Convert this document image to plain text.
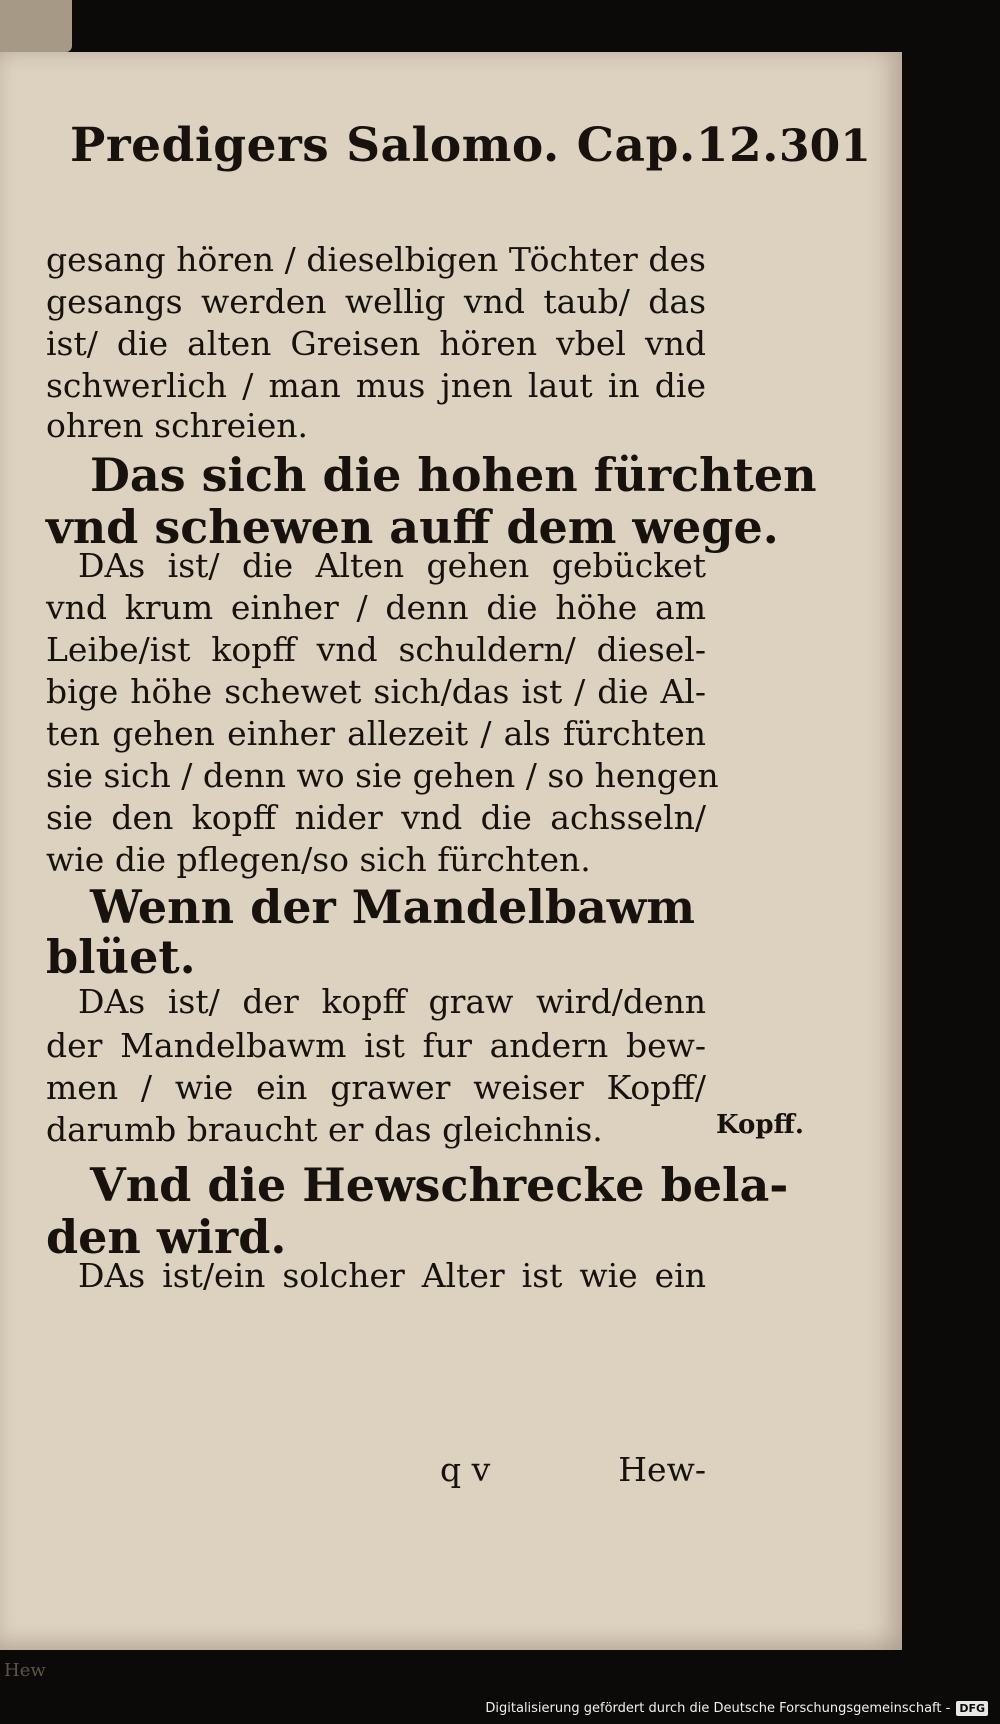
Predigers Salomo. Cap.12. 301
gesang hören / dieselbigen Töchter des
gesangs werden wellig vnd taub/ das
ist/ die alten Greisen hören vbel vnd
schwerlich / man mus jnen laut in die
ohren schreien.
Das sich die hohen fürchten
vnd schewen auff dem wege.
DAs ist/ die Alten gehen gebücket
vnd krum einher / denn die höhe am
Leibe/ist kopff vnd schuldern/ diesel-
bige höhe schewet sich/das ist / die Al-
ten gehen einher allezeit / als fürchten
sie sich / denn wo sie gehen / so hengen
sie den kopff nider vnd die achsseln/
wie die pflegen/so sich fürchten.
Wenn der Mandelbawm
blüet.
DAs ist/ der kopff graw wird/denn
der Mandelbawm ist fur andern bew-
men / wie ein grawer weiser Kopff/
darumb braucht er das gleichnis.
Vnd die Hewschrecke bela-
den wird.
DAs ist/ein solcher Alter ist wie ein
Kopff.
q v	Hew-
Hew
Digitalisierung gefördert durch die Deutsche Forschungsgemeinschaft - DFG
